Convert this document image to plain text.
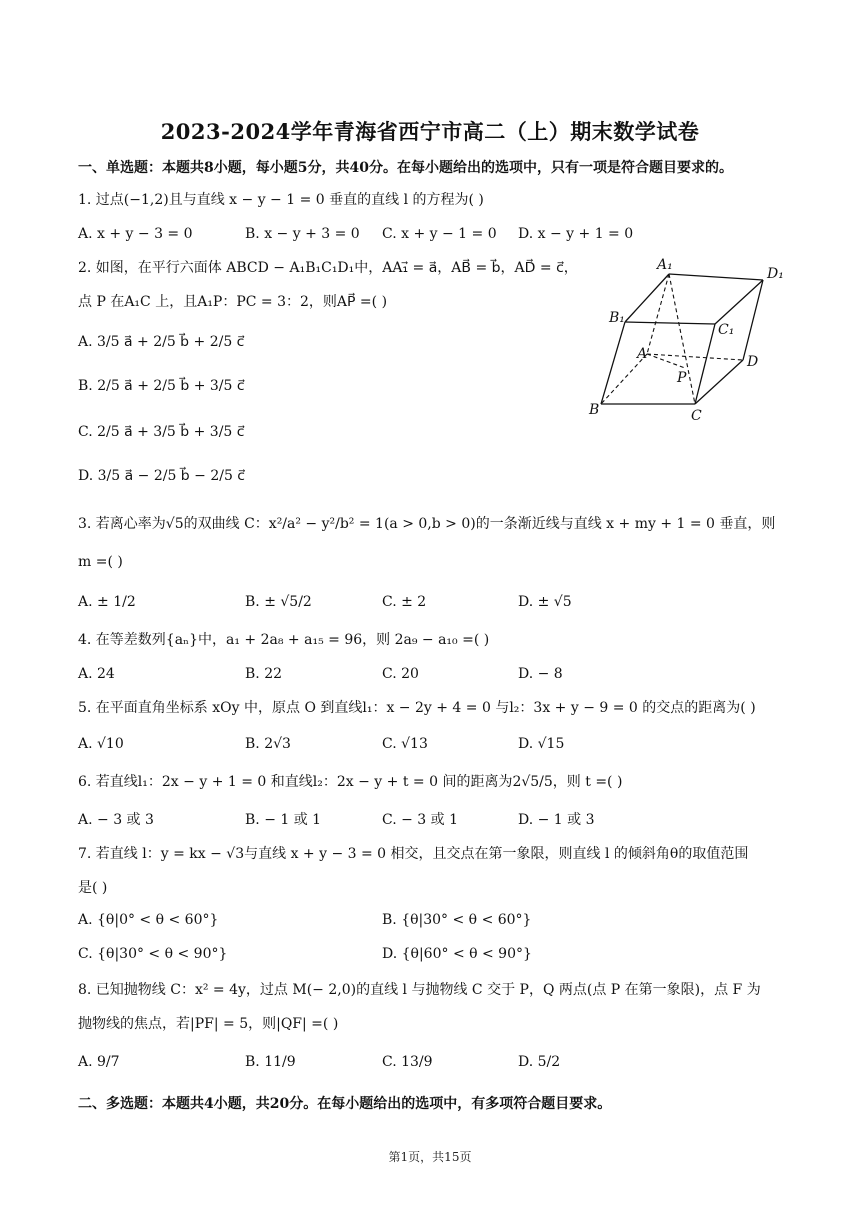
2023-2024学年青海省西宁市高二（上）期末数学试卷
一、单选题：本题共8小题，每小题5分，共40分。在每小题给出的选项中，只有一项是符合题目要求的。
1. 过点(−1,2)且与直线 x − y − 1 = 0 垂直的直线 l 的方程为( )
A. x + y − 3 = 0	B. x − y + 3 = 0 C. x + y − 1 = 0 D. x − y + 1 = 0
2. 如图，在平行六面体 ABCD − A₁B₁C₁D₁中，AA₁⃗ = a⃗，AB⃗ = b⃗，AD⃗ = c⃗，
点 P 在A₁C 上，且A₁P：PC = 3：2，则AP⃗ =( )
A. 3/5 a⃗ + 2/5 b⃗ + 2/5 c⃗
B. 2/5 a⃗ + 2/5 b⃗ + 3/5 c⃗
C. 2/5 a⃗ + 3/5 b⃗ + 3/5 c⃗
D. 3/5 a⃗ − 2/5 b⃗ − 2/5 c⃗
A₁
D₁
B₁
C₁
A	D
P
B	C
3. 若离心率为√5的双曲线 C：x²/a² − y²/b² = 1(a > 0,b > 0)的一条渐近线与直线 x + my + 1 = 0 垂直，则
m =( )
A. ± 1/2	B. ± √5/2	C. ± 2	D. ± √5
4. 在等差数列{aₙ}中，a₁ + 2a₈ + a₁₅ = 96，则 2a₉ − a₁₀ =( )
A. 24	B. 22	C. 20	D. − 8
5. 在平面直角坐标系 xOy 中，原点 O 到直线l₁：x − 2y + 4 = 0 与l₂：3x + y − 9 = 0 的交点的距离为( )
A. √10	B. 2√3	C. √13	D. √15
6. 若直线l₁：2x − y + 1 = 0 和直线l₂：2x − y + t = 0 间的距离为2√5/5，则 t =( )
A. − 3 或 3	B. − 1 或 1	C. − 3 或 1	D. − 1 或 3
7. 若直线 l：y = kx − √3与直线 x + y − 3 = 0 相交，且交点在第一象限，则直线 l 的倾斜角θ的取值范围
是( )
A. {θ|0° < θ < 60°}	B. {θ|30° < θ < 60°}
C. {θ|30° < θ < 90°}	D. {θ|60° < θ < 90°}
8. 已知抛物线 C：x² = 4y，过点 M(− 2,0)的直线 l 与抛物线 C 交于 P，Q 两点(点 P 在第一象限)，点 F 为
抛物线的焦点，若|PF| = 5，则|QF| =( )
A. 9/7	B. 11/9	C. 13/9	D. 5/2
二、多选题：本题共4小题，共20分。在每小题给出的选项中，有多项符合题目要求。
第1页，共15页
